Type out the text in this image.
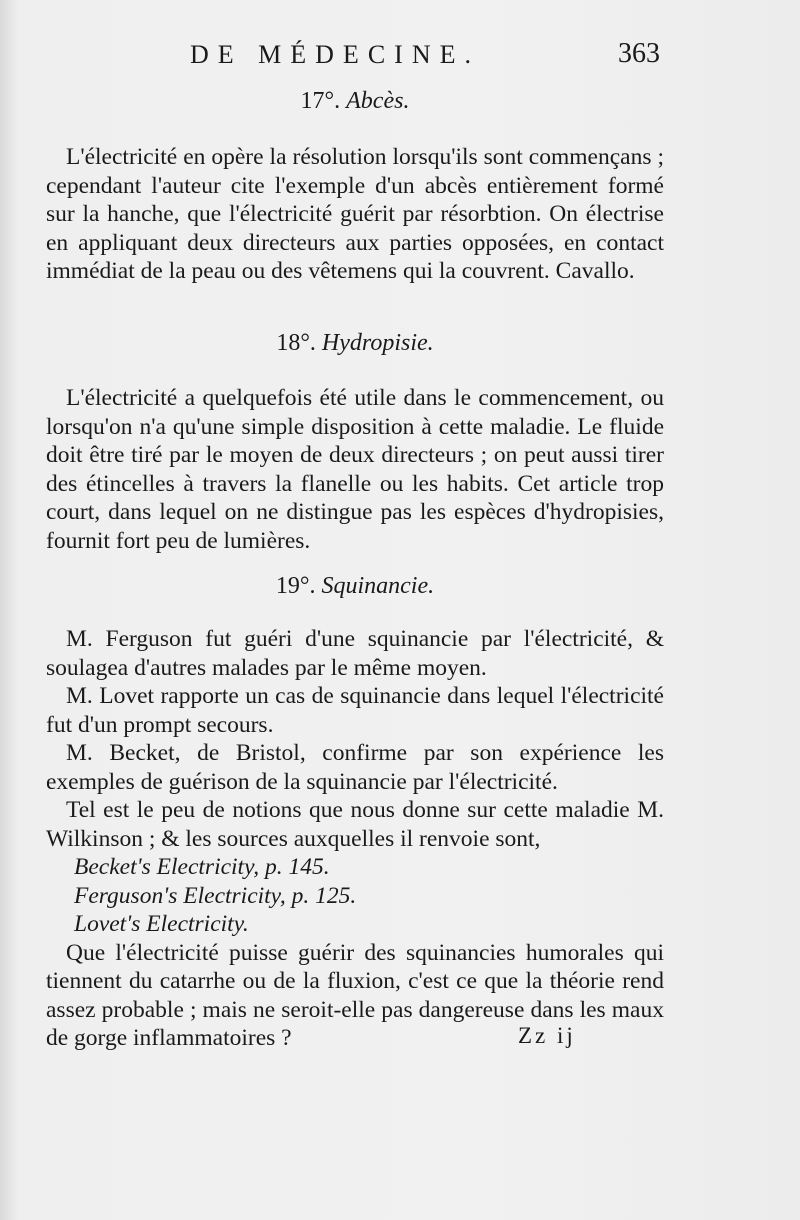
DE MÉDECINE.	363
17°. Abcès.

L'électricité en opère la résolution lorsqu'ils sont commençans ; cependant l'auteur cite l'exemple d'un abcès entièrement formé sur la hanche, que l'électricité guérit par résorbtion. On électrise en appliquant deux directeurs aux parties opposées, en contact immédiat de la peau ou des vêtemens qui la couvrent. Cavallo.

18°. Hydropisie.

L'électricité a quelquefois été utile dans le commencement, ou lorsqu'on n'a qu'une simple disposition à cette maladie. Le fluide doit être tiré par le moyen de deux directeurs ; on peut aussi tirer des étincelles à travers la flanelle ou les habits. Cet article trop court, dans lequel on ne distingue pas les espèces d'hydropisies, fournit fort peu de lumières.

19°. Squinancie.

M. Ferguson fut guéri d'une squinancie par l'électricité, & soulagea d'autres malades par le même moyen.

M. Lovet rapporte un cas de squinancie dans lequel l'électricité fut d'un prompt secours.

M. Becket, de Bristol, confirme par son expérience les exemples de guérison de la squinancie par l'électricité.

Tel est le peu de notions que nous donne sur cette maladie M. Wilkinson ; & les sources auxquelles il renvoie sont,

Becket's Electricity, p. 145.
Ferguson's Electricity, p. 125.
Lovet's Electricity.

Que l'électricité puisse guérir des squinancies humorales qui tiennent du catarrhe ou de la fluxion, c'est ce que la théorie rend assez probable ; mais ne seroit-elle pas dangereuse dans les maux de gorge inflammatoires ?	Zz ij
